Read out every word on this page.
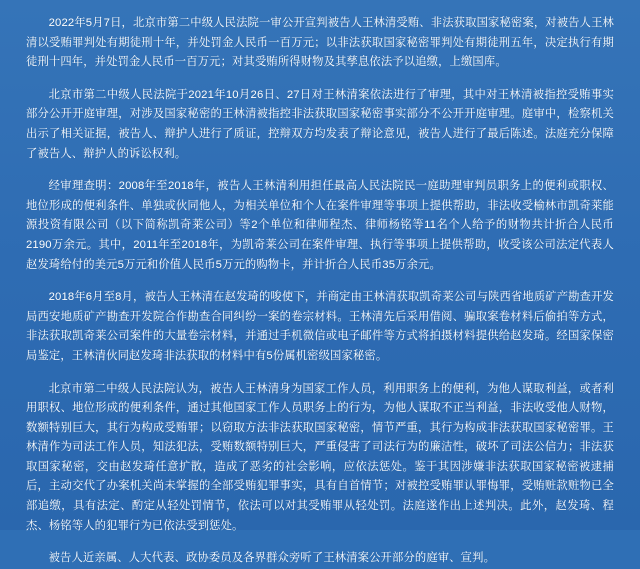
2022年5月7日，北京市第二中级人民法院一审公开宣判被告人王林清受贿、非法获取国家秘密案，对被告人王林清以受贿罪判处有期徒刑十年，并处罚金人民币一百万元；以非法获取国家秘密罪判处有期徒刑五年，决定执行有期徒刑十四年，并处罚金人民币一百万元；对其受贿所得财物及其孳息依法予以追缴，上缴国库。

北京市第二中级人民法院于2021年10月26日、27日对王林清案依法进行了审理，其中对王林清被指控受贿事实部分公开开庭审理，对涉及国家秘密的王林清被指控非法获取国家秘密事实部分不公开开庭审理。庭审中，检察机关出示了相关证据，被告人、辩护人进行了质证，控辩双方均发表了辩论意见，被告人进行了最后陈述。法庭充分保障了被告人、辩护人的诉讼权利。

经审理查明：2008年至2018年，被告人王林清利用担任最高人民法院民一庭助理审判员职务上的便利或职权、地位形成的便利条件、单独或伙同他人，为相关单位和个人在案件审理等事项上提供帮助，非法收受榆林市凯奇莱能源投资有限公司（以下简称凯奇莱公司）等2个单位和律师程杰、律师杨铭等11名个人给予的财物共计折合人民币2190万余元。其中，2011年至2018年，为凯奇莱公司在案件审理、执行等事项上提供帮助，收受该公司法定代表人赵发琦给付的美元5万元和价值人民币5万元的购物卡，并计折合人民币35万余元。

2018年6月至8月，被告人王林清在赵发琦的唆使下，并商定由王林清获取凯奇莱公司与陕西省地质矿产勘查开发局西安地质矿产勘查开发院合作勘查合同纠纷一案的卷宗材料。王林清先后采用借阅、骗取案卷材料后偷拍等方式，非法获取凯奇莱公司案件的大量卷宗材料，并通过手机微信或电子邮件等方式将拍摄材料提供给赵发琦。经国家保密局鉴定，王林清伙同赵发琦非法获取的材料中有5份属机密级国家秘密。

北京市第二中级人民法院认为，被告人王林清身为国家工作人员，利用职务上的便利，为他人谋取利益，或者利用职权、地位形成的便利条件，通过其他国家工作人员职务上的行为，为他人谋取不正当利益，非法收受他人财物，数额特别巨大，其行为构成受贿罪；以窃取方法非法获取国家秘密，情节严重，其行为构成非法获取国家秘密罪。王林清作为司法工作人员，知法犯法，受贿数额特别巨大，严重侵害了司法行为的廉洁性，破坏了司法公信力；非法获取国家秘密，交由赵发琦任意扩散，造成了恶劣的社会影响，应依法惩处。鉴于其因涉嫌非法获取国家秘密被逮捕后，主动交代了办案机关尚未掌握的全部受贿犯罪事实，具有自首情节；对被控受贿罪认罪悔罪，受贿赃款赃物已全部追缴，具有法定、酌定从轻处罚情节，依法可以对其受贿罪从轻处罚。法庭遂作出上述判决。此外，赵发琦、程杰、杨铭等人的犯罪行为已依法受到惩处。

被告人近亲属、人大代表、政协委员及各界群众旁听了王林清案公开部分的庭审、宣判。
